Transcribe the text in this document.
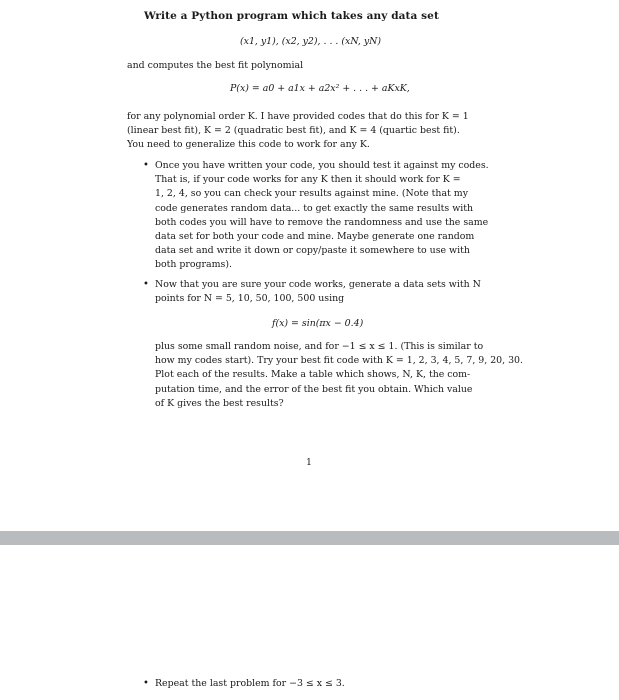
Write a Python program which takes any data set
(x1, y1), (x2, y2), . . . (xN, yN)
and computes the best fit polynomial
P(x) = a0 + a1x + a2x² + . . . + aKxK,

for any polynomial order K. I have provided codes that do this for K = 1

(linear best fit), K = 2 (quadratic best fit), and K = 4 (quartic best fit).

You need to generalize this code to work for any K.

• Once you have written your code, you should test it against my codes.

That is, if your code works for any K then it should work for K =

1, 2, 4, so you can check your results against mine. (Note that my

code generates random data... to get exactly the same results with

both codes you will have to remove the randomness and use the same

data set for both your code and mine. Maybe generate one random

data set and write it down or copy/paste it somewhere to use with

both programs).

• Now that you are sure your code works, generate a data sets with N

points for N = 5, 10, 50, 100, 500 using

f(x) = sin(πx − 0.4)

plus some small random noise, and for −1 ≤ x ≤ 1. (This is similar to

how my codes start). Try your best fit code with K = 1, 2, 3, 4, 5, 7, 9, 20, 30.

Plot each of the results. Make a table which shows, N, K, the com-

putation time, and the error of the best fit you obtain. Which value

of K gives the best results?

1
• Repeat the last problem for −3 ≤ x ≤ 3.
